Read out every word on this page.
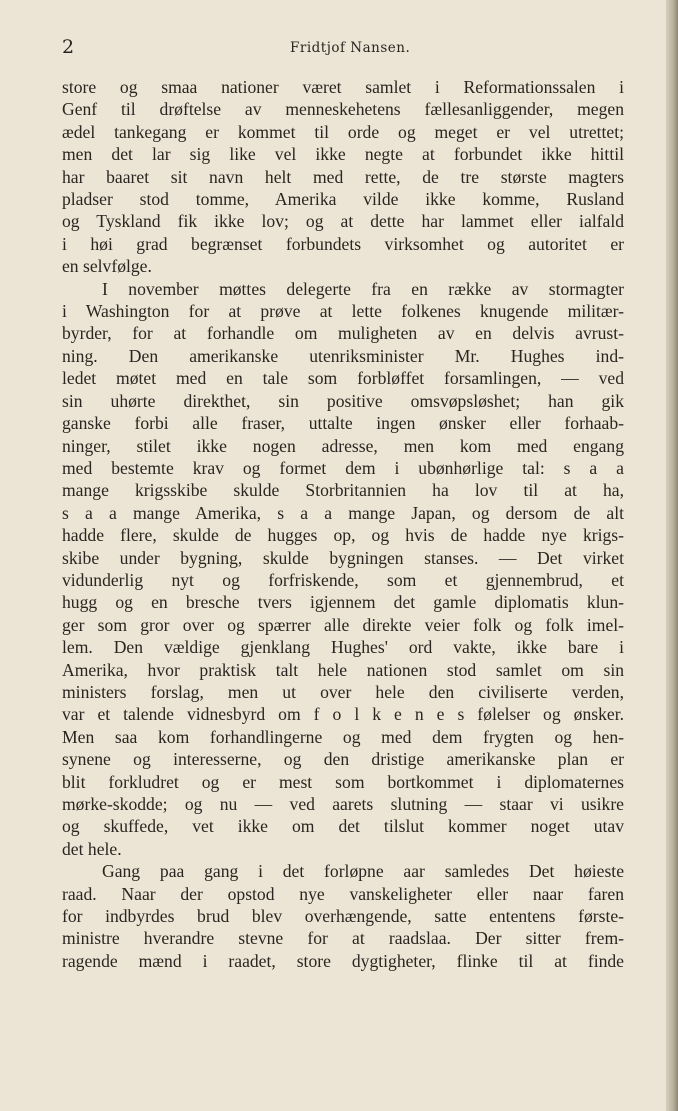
2	Fridtjof Nansen.
store og smaa nationer været samlet i Reformationssalen i
Genf til drøftelse av menneskehetens fællesanliggender, megen
ædel tankegang er kommet til orde og meget er vel utrettet;
men det lar sig like vel ikke negte at forbundet ikke hittil
har baaret sit navn helt med rette, de tre største magters
pladser stod tomme, Amerika vilde ikke komme, Rusland
og Tyskland fik ikke lov; og at dette har lammet eller ialfald
i høi grad begrænset forbundets virksomhet og autoritet er
en selvfølge.
I november møttes delegerte fra en række av stormagter
i Washington for at prøve at lette folkenes knugende militær-
byrder, for at forhandle om muligheten av en delvis avrust-
ning. Den amerikanske utenriksminister Mr. Hughes ind-
ledet møtet med en tale som forbløffet forsamlingen, — ved
sin uhørte direkthet, sin positive omsvøpsløshet; han gik
ganske forbi alle fraser, uttalte ingen ønsker eller forhaab-
ninger, stilet ikke nogen adresse, men kom med engang
med bestemte krav og formet dem i ubønhørlige tal: s a a
mange krigsskibe skulde Storbritannien ha lov til at ha,
s a a mange Amerika, s a a mange Japan, og dersom de alt
hadde flere, skulde de hugges op, og hvis de hadde nye krigs-
skibe under bygning, skulde bygningen stanses. — Det virket
vidunderlig nyt og forfriskende, som et gjennembrud, et
hugg og en bresche tvers igjennem det gamle diplomatis klun-
ger som gror over og spærrer alle direkte veier folk og folk imel-
lem. Den vældige gjenklang Hughes' ord vakte, ikke bare i
Amerika, hvor praktisk talt hele nationen stod samlet om sin
ministers forslag, men ut over hele den civiliserte verden,
var et talende vidnesbyrd om f o l k e n e s følelser og ønsker.
Men saa kom forhandlingerne og med dem frygten og hen-
synene og interesserne, og den dristige amerikanske plan er
blit forkludret og er mest som bortkommet i diplomaternes
mørke-skodde; og nu — ved aarets slutning — staar vi usikre
og skuffede, vet ikke om det tilslut kommer noget utav
det hele.
Gang paa gang i det forløpne aar samledes Det høieste
raad. Naar der opstod nye vanskeligheter eller naar faren
for indbyrdes brud blev overhængende, satte ententens første-
ministre hverandre stevne for at raadslaa. Der sitter frem-
ragende mænd i raadet, store dygtigheter, flinke til at finde
